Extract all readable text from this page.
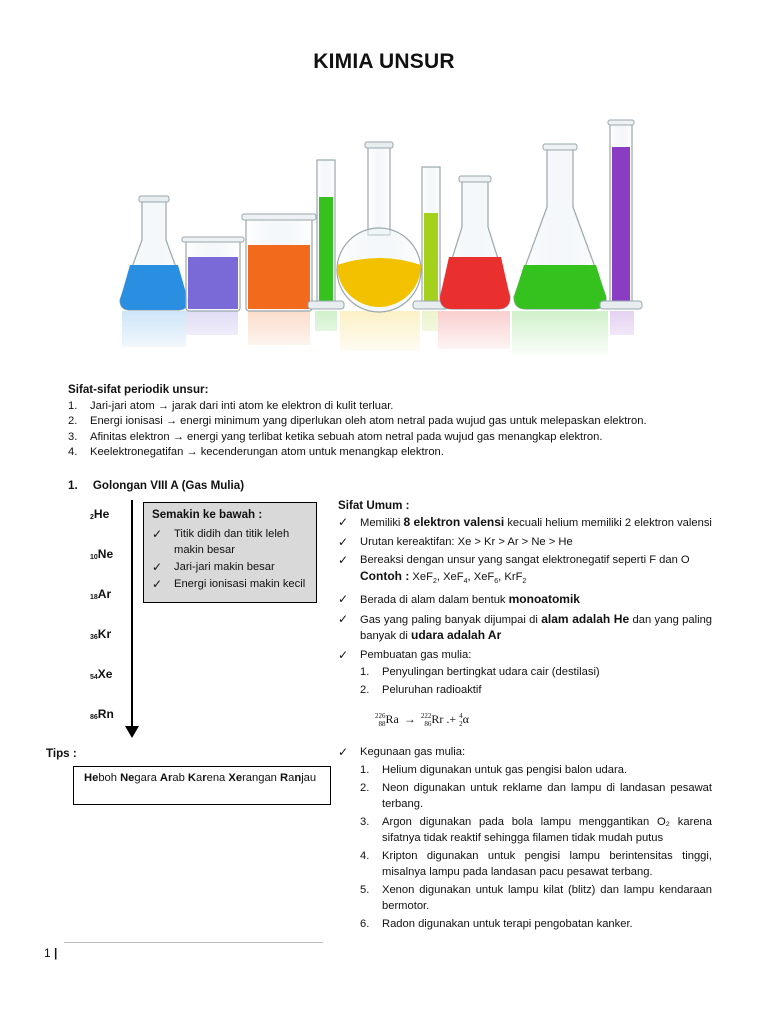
KIMIA UNSUR
Sifat-sifat periodik unsur:
1. Jari-jari atom → jarak dari inti atom ke elektron di kulit terluar.
2. Energi ionisasi → energi minimum yang diperlukan oleh atom netral pada wujud gas untuk melepaskan elektron.
3. Afinitas elektron → energi yang terlibat ketika sebuah atom netral pada wujud gas menangkap elektron.
4. Keelektronegatifan → kecenderungan atom untuk menangkap elektron.
1. Golongan VIII A (Gas Mulia)
$_2$He
$_{10}$Ne
$_{18}$Ar
$_{36}$Kr
$_{54}$Xe
$_{86}$Rn
Semakin ke bawah :
✓ Titik didih dan titik leleh makin besar
✓ Jari-jari makin besar
✓ Energi ionisasi makin kecil
Tips :
Heboh Negara Arab Karena Xerangan Ranjau
Sifat Umum :
✓ Memiliki 8 elektron valensi kecuali helium memiliki 2 elektron valensi
✓ Urutan kereaktifan: Xe > Kr > Ar > Ne > He
✓ Bereaksi dengan unsur yang sangat elektronegatif seperti F dan O
Contoh : XeF$_2$, XeF$_4$, XeF$_6$, KrF$_2$
✓ Berada di alam dalam bentuk monoatomik
✓ Gas yang paling banyak dijumpai di alam adalah He dan yang paling banyak di udara adalah Ar
✓ Pembuatan gas mulia:
1. Penyulingan bertingkat udara cair (destilasi)
2. Peluruhan radioaktif
226
88Ra → 222
86Rr .+ 4
2α
✓ Kegunaan gas mulia:
1. Helium digunakan untuk gas pengisi balon udara.
2. Neon digunakan untuk reklame dan lampu di landasan pesawat terbang.
3. Argon digunakan pada bola lampu menggantikan O₂ karena sifatnya tidak reaktif sehingga filamen tidak mudah putus
4. Kripton digunakan untuk pengisi lampu berintensitas tinggi, misalnya lampu pada landasan pacu pesawat terbang.
5. Xenon digunakan untuk lampu kilat (blitz) dan lampu kendaraan bermotor.
6. Radon digunakan untuk terapi pengobatan kanker.
1 |
